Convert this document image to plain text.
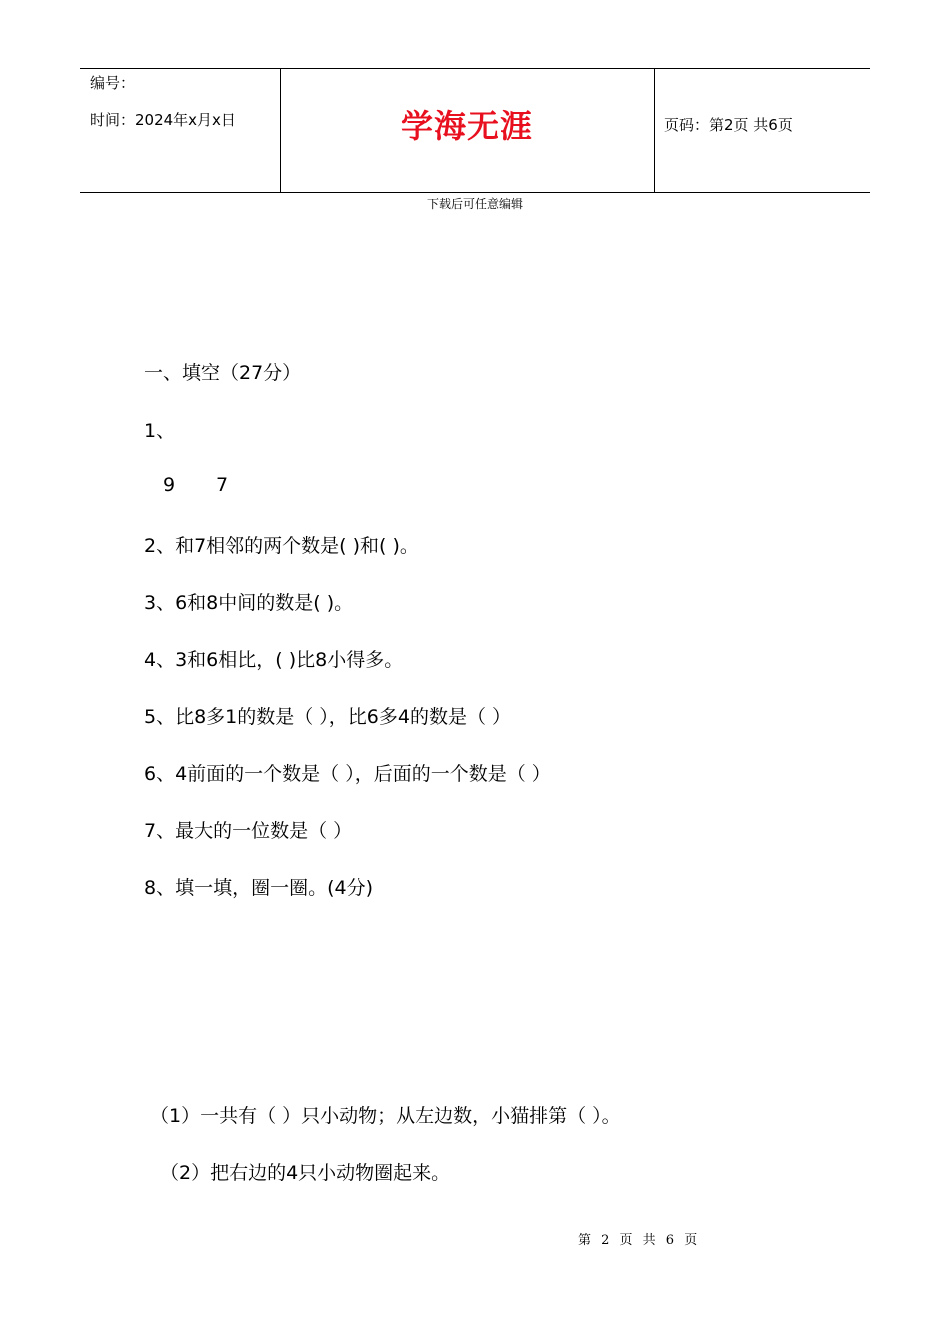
编号：
时间：2024年x月x日	学海无涯	页码：第2页 共6页
下载后可任意编辑
一、填空（27分）
1、
9 7
2、和7相邻的两个数是( )和( )。
3、6和8中间的数是( )。
4、3和6相比，( )比8小得多。
5、比8多1的数是（ ），比6多4的数是（ ）
6、4前面的一个数是（ ），后面的一个数是（ ）
7、最大的一位数是（ ）
8、填一填，圈一圈。(4分)
（1）一共有（ ）只小动物；从左边数，小猫排第（ ）。
（2）把右边的4只小动物圈起来。
第 2 页 共 6 页
